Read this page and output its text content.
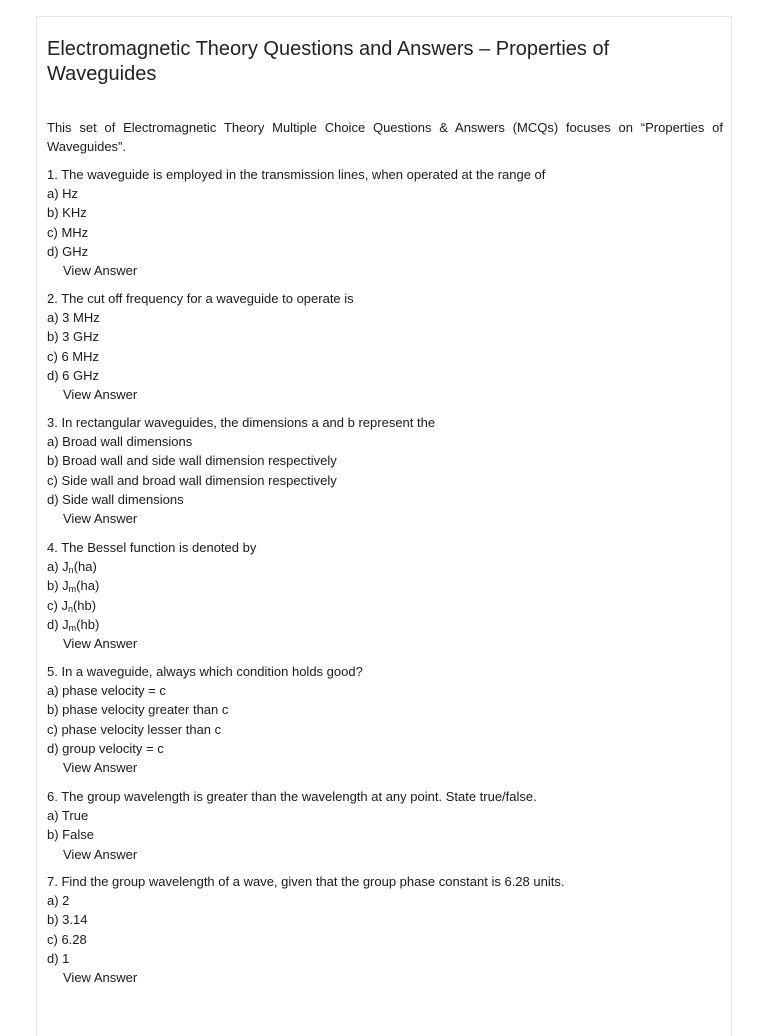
Electromagnetic Theory Questions and Answers – Properties of Waveguides

This set of Electromagnetic Theory Multiple Choice Questions & Answers (MCQs) focuses on “Properties of Waveguides”.

1. The waveguide is employed in the transmission lines, when operated at the range of
a) Hz
b) KHz
c) MHz
d) GHz
View Answer
2. The cut off frequency for a waveguide to operate is
a) 3 MHz
b) 3 GHz
c) 6 MHz
d) 6 GHz
View Answer
3. In rectangular waveguides, the dimensions a and b represent the
a) Broad wall dimensions
b) Broad wall and side wall dimension respectively
c) Side wall and broad wall dimension respectively
d) Side wall dimensions
View Answer
4. The Bessel function is denoted by
a) $J_n(ha)$
b) $J_m(ha)$
c) $J_n(hb)$
d) $J_m(hb)$
View Answer
5. In a waveguide, always which condition holds good?
a) phase velocity = c
b) phase velocity greater than c
c) phase velocity lesser than c
d) group velocity = c
View Answer
6. The group wavelength is greater than the wavelength at any point. State true/false.
a) True
b) False
View Answer
7. Find the group wavelength of a wave, given that the group phase constant is 6.28 units.
a) 2
b) 3.14
c) 6.28
d) 1
View Answer
